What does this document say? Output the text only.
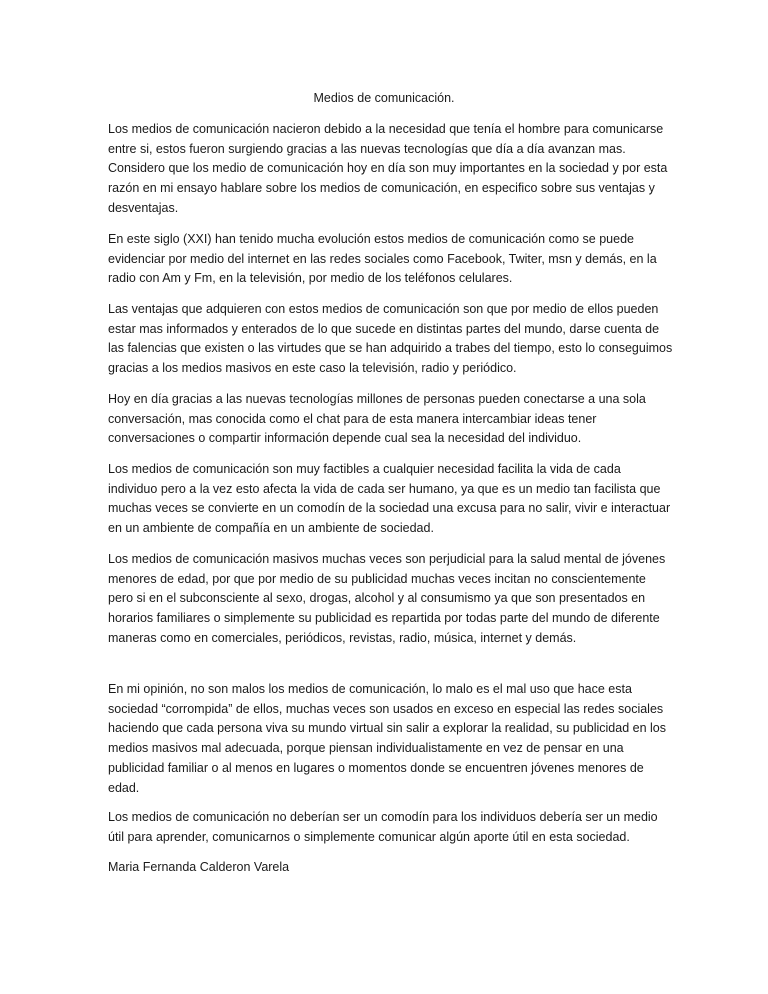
Medios de comunicación.

Los medios de comunicación nacieron debido a la necesidad que tenía el hombre para comunicarse entre si, estos fueron surgiendo gracias a las nuevas tecnologías que día a día avanzan mas. Considero que los medio de comunicación hoy en día son muy importantes en la sociedad y por esta razón en mi ensayo hablare sobre los medios de comunicación, en especifico sobre sus ventajas y desventajas.

En este siglo (XXI) han tenido mucha evolución estos medios de comunicación como se puede evidenciar por medio del internet en las redes sociales como Facebook, Twiter, msn y demás, en la radio con Am y Fm, en la televisión, por medio de los teléfonos celulares.

Las ventajas que adquieren con estos medios de comunicación son que por medio de ellos pueden estar mas informados y enterados de lo que sucede en distintas partes del mundo, darse cuenta de las falencias que existen o las virtudes que se han adquirido a trabes del tiempo, esto lo conseguimos gracias a los medios masivos en este caso la televisión, radio y periódico.

Hoy en día gracias a las nuevas tecnologías millones de personas pueden conectarse a una sola conversación, mas conocida como el chat para de esta manera intercambiar ideas tener conversaciones o compartir información depende cual sea la necesidad del individuo.

Los medios de comunicación son muy factibles a cualquier necesidad facilita la vida de cada individuo pero a la vez esto afecta la vida de cada ser humano, ya que es un medio tan facilista que muchas veces se convierte en un comodín de la sociedad una excusa para no salir, vivir e interactuar en un ambiente de compañía en un ambiente de sociedad.

Los medios de comunicación masivos muchas veces son perjudicial para la salud mental de jóvenes menores de edad, por que por medio de su publicidad muchas veces incitan no conscientemente pero si en el subconsciente al sexo, drogas, alcohol y al consumismo ya que son presentados en horarios familiares o simplemente su publicidad es repartida por todas parte del mundo de diferente maneras como en comerciales, periódicos, revistas, radio, música, internet y demás.

En mi opinión, no son malos los medios de comunicación, lo malo es el mal uso que hace esta sociedad “corrompida” de ellos, muchas veces son usados en exceso en especial las redes sociales haciendo que cada persona viva su mundo virtual sin salir a explorar la realidad, su publicidad en los medios masivos mal adecuada, porque piensan individualistamente en vez de pensar en una publicidad familiar o al menos en lugares o momentos donde se encuentren jóvenes menores de edad.

Los medios de comunicación no deberían ser un comodín para los individuos debería ser un medio útil para aprender, comunicarnos o simplemente comunicar algún aporte útil en esta sociedad.

Maria Fernanda Calderon Varela
